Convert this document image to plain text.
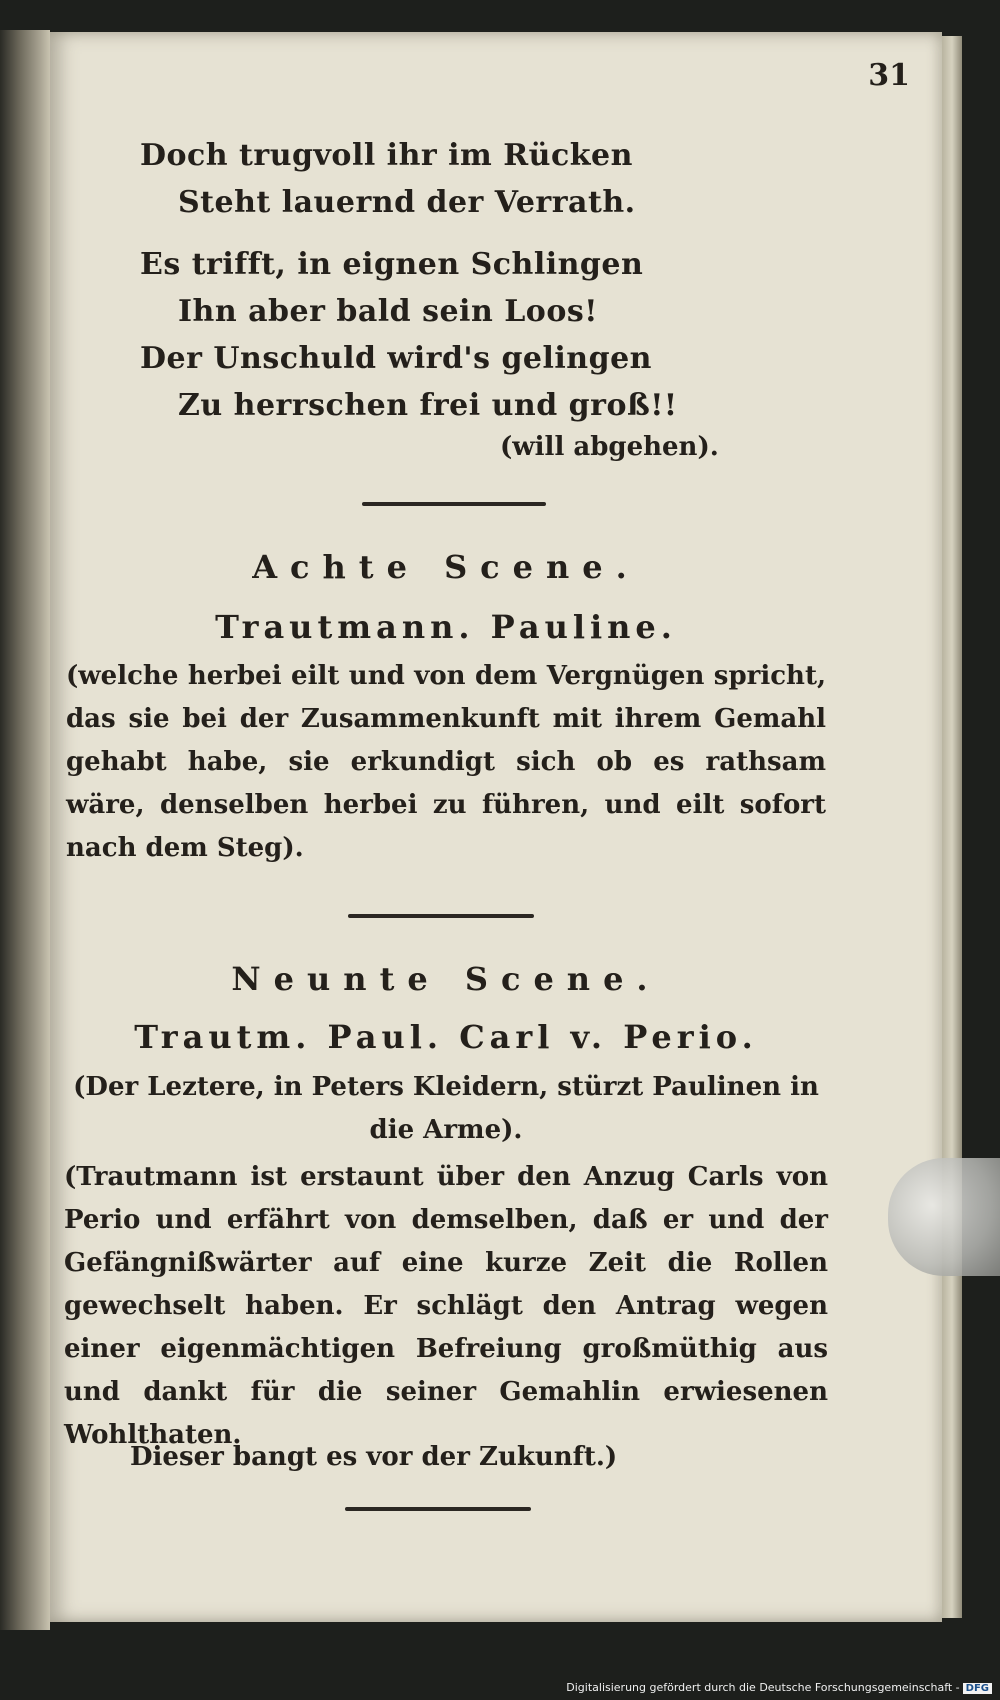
31
Doch trugvoll ihr im Rücken
Steht lauernd der Verrath.
Es trifft, in eignen Schlingen
Ihn aber bald sein Loos!
Der Unschuld wird's gelingen
Zu herrschen frei und groß!!
(will abgehen).
Achte Scene.
Trautmann. Pauline.
(welche herbei eilt und von dem Vergnügen spricht, das sie bei der Zusammenkunft mit ihrem Gemahl gehabt habe, sie erkundigt sich ob es rathsam wäre, denselben herbei zu führen, und eilt sofort nach dem Steg).
Neunte Scene.
Trautm. Paul. Carl v. Perio.
(Der Leztere, in Peters Kleidern, stürzt Paulinen in die Arme).
(Trautmann ist erstaunt über den Anzug Carls von Perio und erfährt von demselben, daß er und der Gefängnißwärter auf eine kurze Zeit die Rollen gewechselt haben. Er schlägt den Antrag wegen einer eigenmächtigen Befreiung großmüthig aus und dankt für die seiner Gemahlin erwiesenen Wohlthaten.
Dieser bangt es vor der Zukunft.)
Digitalisierung gefördert durch die Deutsche Forschungsgemeinschaft - DFG
